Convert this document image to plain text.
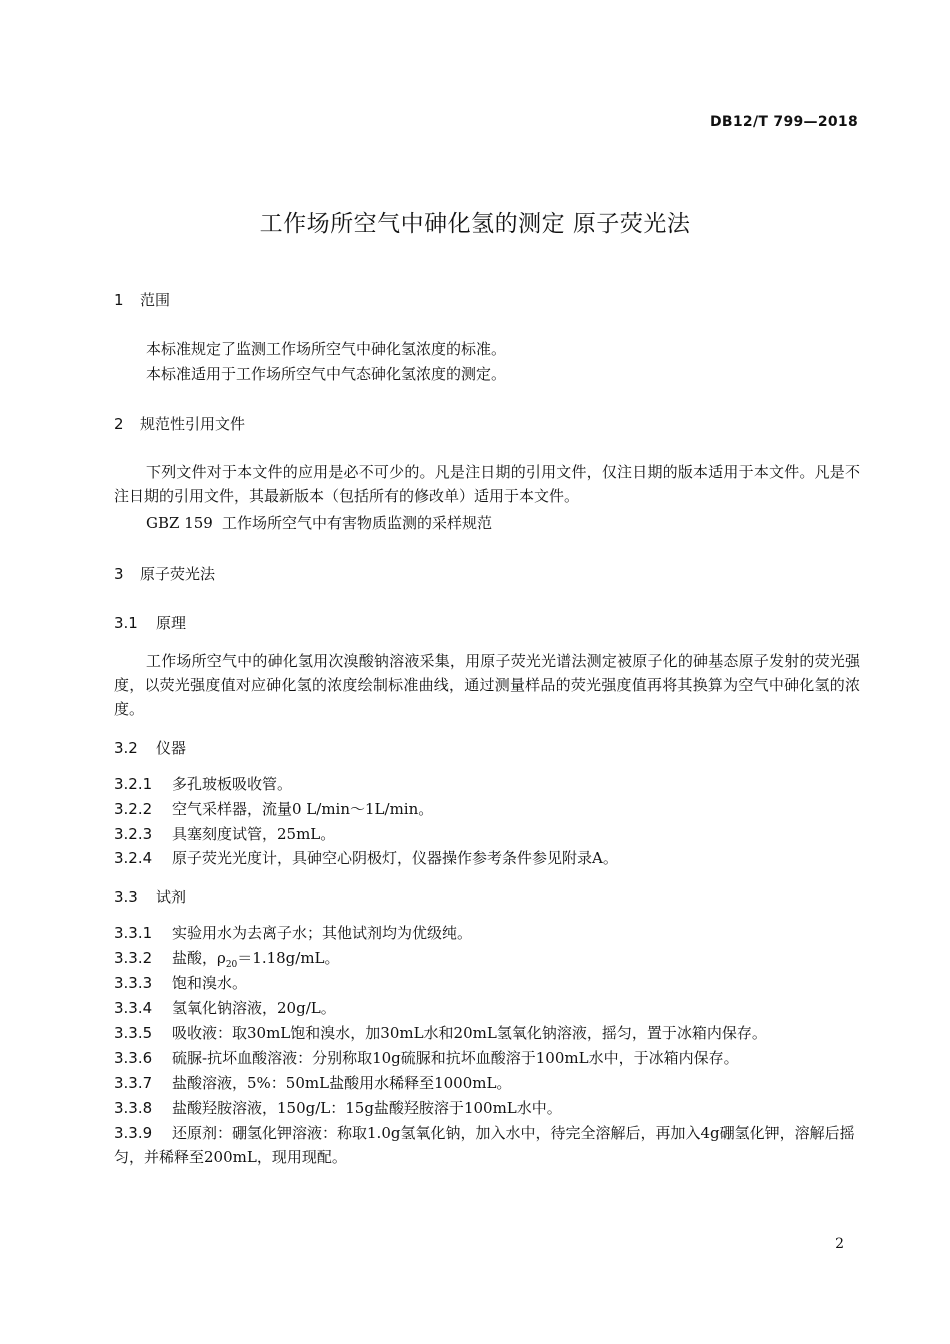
DB12/T 799—2018
工作场所空气中砷化氢的测定 原子荧光法
1 范围
本标准规定了监测工作场所空气中砷化氢浓度的标准。
本标准适用于工作场所空气中气态砷化氢浓度的测定。
2 规范性引用文件
下列文件对于本文件的应用是必不可少的。凡是注日期的引用文件，仅注日期的版本适用于本文件。凡是不注日期的引用文件，其最新版本（包括所有的修改单）适用于本文件。
GBZ 159 工作场所空气中有害物质监测的采样规范
3 原子荧光法
3.1 原理
工作场所空气中的砷化氢用次溴酸钠溶液采集，用原子荧光光谱法测定被原子化的砷基态原子发射的荧光强度，以荧光强度值对应砷化氢的浓度绘制标准曲线，通过测量样品的荧光强度值再将其换算为空气中砷化氢的浓度。
3.2 仪器
3.2.1 多孔玻板吸收管。
3.2.2 空气采样器，流量0 L/min～1L/min。
3.2.3 具塞刻度试管，25mL。
3.2.4 原子荧光光度计，具砷空心阴极灯，仪器操作参考条件参见附录A。
3.3 试剂
3.3.1 实验用水为去离子水；其他试剂均为优级纯。
3.3.2 盐酸，$\rho_{20}=1.18g/mL$。
3.3.3 饱和溴水。
3.3.4 氢氧化钠溶液，20g/L。
3.3.5 吸收液：取30mL饱和溴水，加30mL水和20mL氢氧化钠溶液，摇匀，置于冰箱内保存。
3.3.6 硫脲-抗坏血酸溶液：分别称取10g硫脲和抗坏血酸溶于100mL水中，于冰箱内保存。
3.3.7 盐酸溶液，5%：50mL盐酸用水稀释至1000mL。
3.3.8 盐酸羟胺溶液，150g/L：15g盐酸羟胺溶于100mL水中。
3.3.9 还原剂：硼氢化钾溶液：称取1.0g氢氧化钠，加入水中，待完全溶解后，再加入4g硼氢化钾，溶解后摇匀，并稀释至200mL，现用现配。
2
